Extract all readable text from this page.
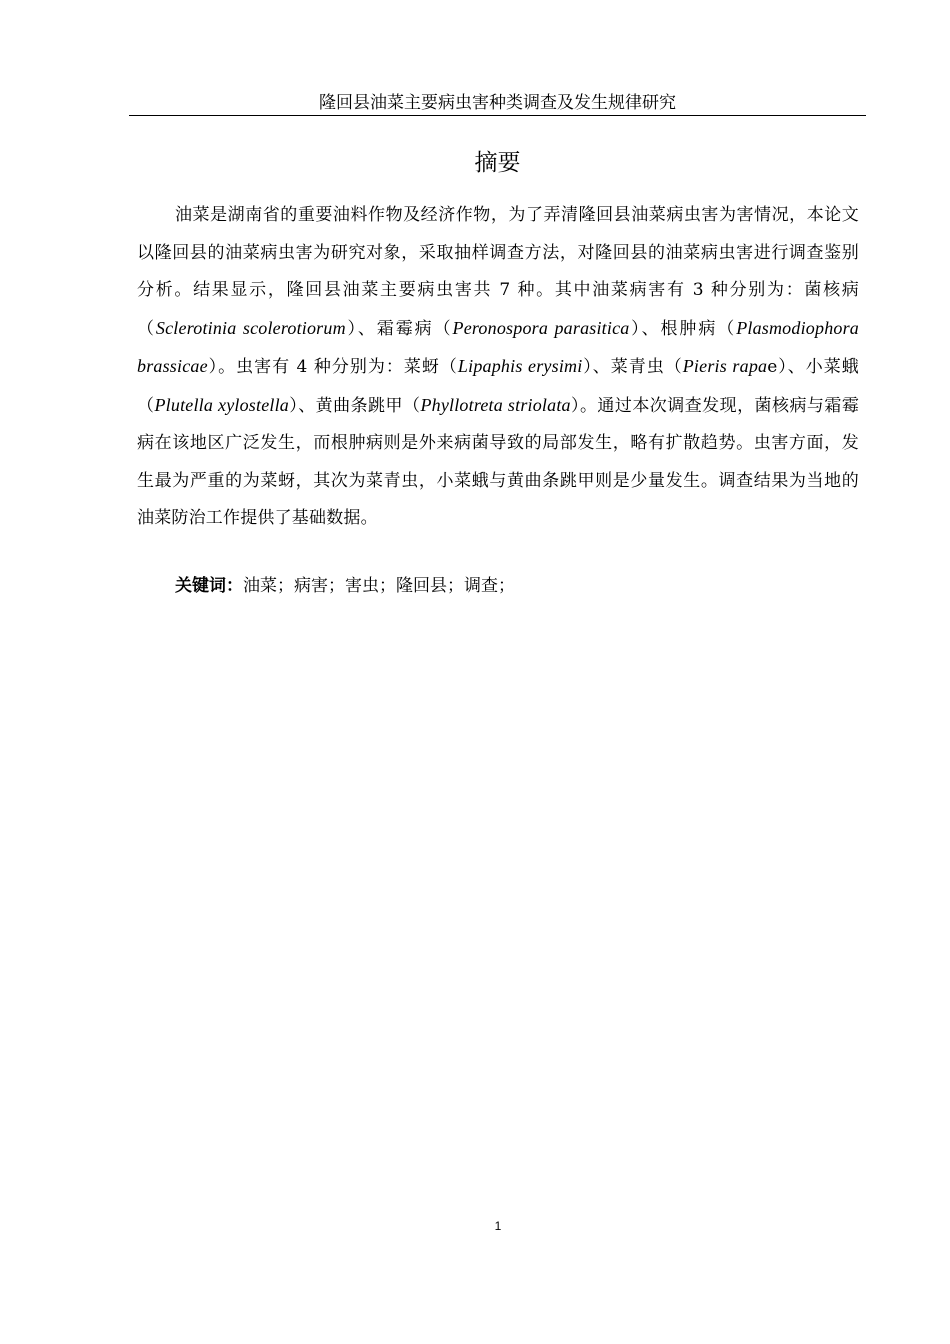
隆回县油菜主要病虫害种类调查及发生规律研究
摘要

油菜是湖南省的重要油料作物及经济作物，为了弄清隆回县油菜病虫害为害情况，本论文以隆回县的油菜病虫害为研究对象，采取抽样调查方法，对隆回县的油菜病虫害进行调查鉴别分析。结果显示，隆回县油菜主要病虫害共 7 种。其中油菜病害有 3 种分别为：菌核病（Sclerotinia scolerotiorum）、霜霉病（Peronospora parasitica）、根肿病（Plasmodiophora brassicae）。虫害有 4 种分别为：菜蚜（Lipaphis erysimi）、菜青虫（Pieris rapae）、小菜蛾（Plutella xylostella）、黄曲条跳甲（Phyllotreta striolata）。通过本次调查发现，菌核病与霜霉病在该地区广泛发生，而根肿病则是外来病菌导致的局部发生，略有扩散趋势。虫害方面，发生最为严重的为菜蚜，其次为菜青虫，小菜蛾与黄曲条跳甲则是少量发生。调查结果为当地的油菜防治工作提供了基础数据。

关键词：油菜；病害；害虫；隆回县；调查；
1
